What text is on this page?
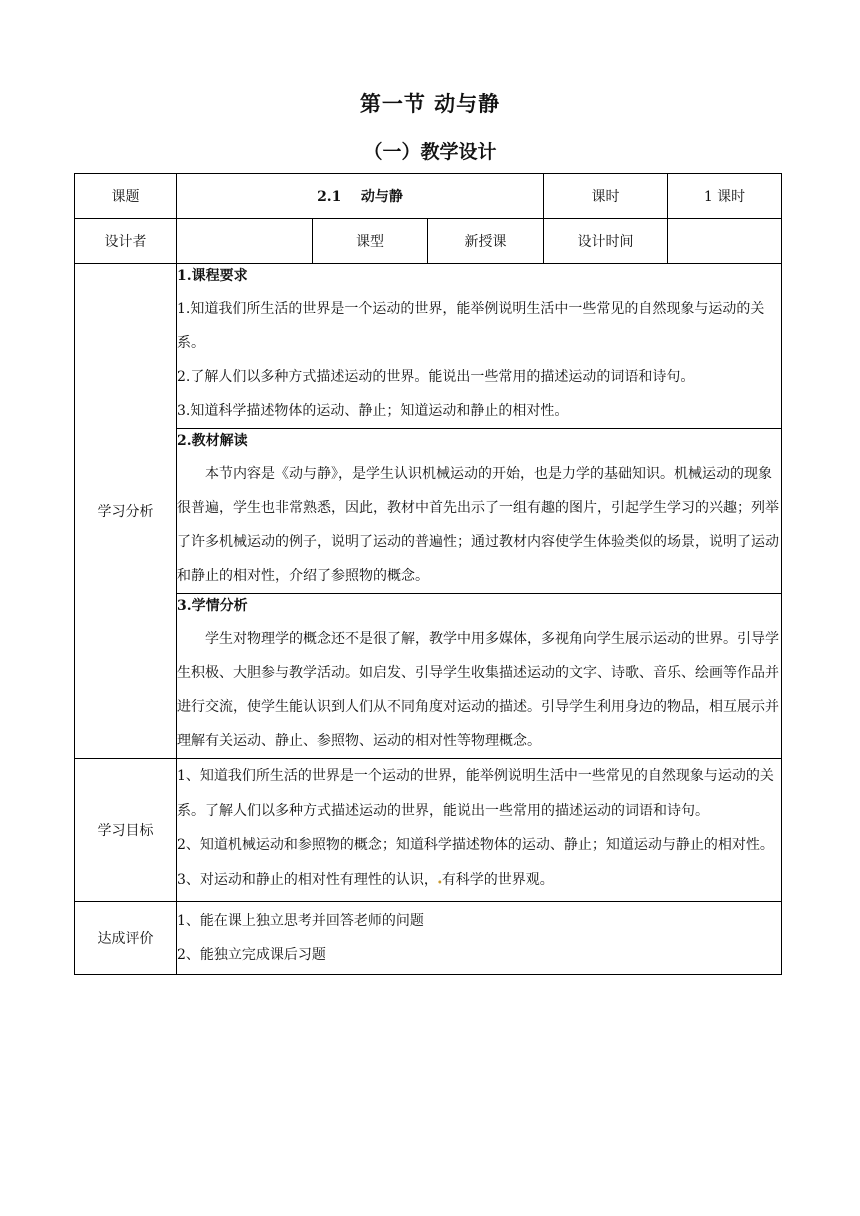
第一节 动与静
（一）教学设计
课题	2.1    动与静			课时	1 课时
设计者		课型	新授课	设计时间	
学习分析	1.课程要求

1.知道我们所生活的世界是一个运动的世界，能举例说明生活中一些常见的自然现象与运动的关系。

2.了解人们以多种方式描述运动的世界。能说出一些常用的描述运动的词语和诗句。

3.知道科学描述物体的运动、静止；知道运动和静止的相对性。				

	2.教材解读

本节内容是《动与静》，是学生认识机械运动的开始，也是力学的基础知识。机械运动的现象很普遍，学生也非常熟悉，因此，教材中首先出示了一组有趣的图片，引起学生学习的兴趣；列举了许多机械运动的例子，说明了运动的普遍性；通过教材内容使学生体验类似的场景，说明了运动和静止的相对性，介绍了参照物的概念。				

	3.学情分析

学生对物理学的概念还不是很了解，教学中用多媒体，多视角向学生展示运动的世界。引导学生积极、大胆参与教学活动。如启发、引导学生收集描述运动的文字、诗歌、音乐、绘画等作品并进行交流，使学生能认识到人们从不同角度对运动的描述。引导学生利用身边的物品，相互展示并理解有关运动、静止、参照物、运动的相对性等物理概念。				

学习目标	1、知道我们所生活的世界是一个运动的世界，能举例说明生活中一些常见的自然现象与运动的关系。了解人们以多种方式描述运动的世界，能说出一些常用的描述运动的词语和诗句。

2、知道机械运动和参照物的概念；知道科学描述物体的运动、静止；知道运动与静止的相对性。

3、对运动和静止的相对性有理性的认识，•有科学的世界观。				

达成评价	1、能在课上独立思考并回答老师的问题

2、能独立完成课后习题				
